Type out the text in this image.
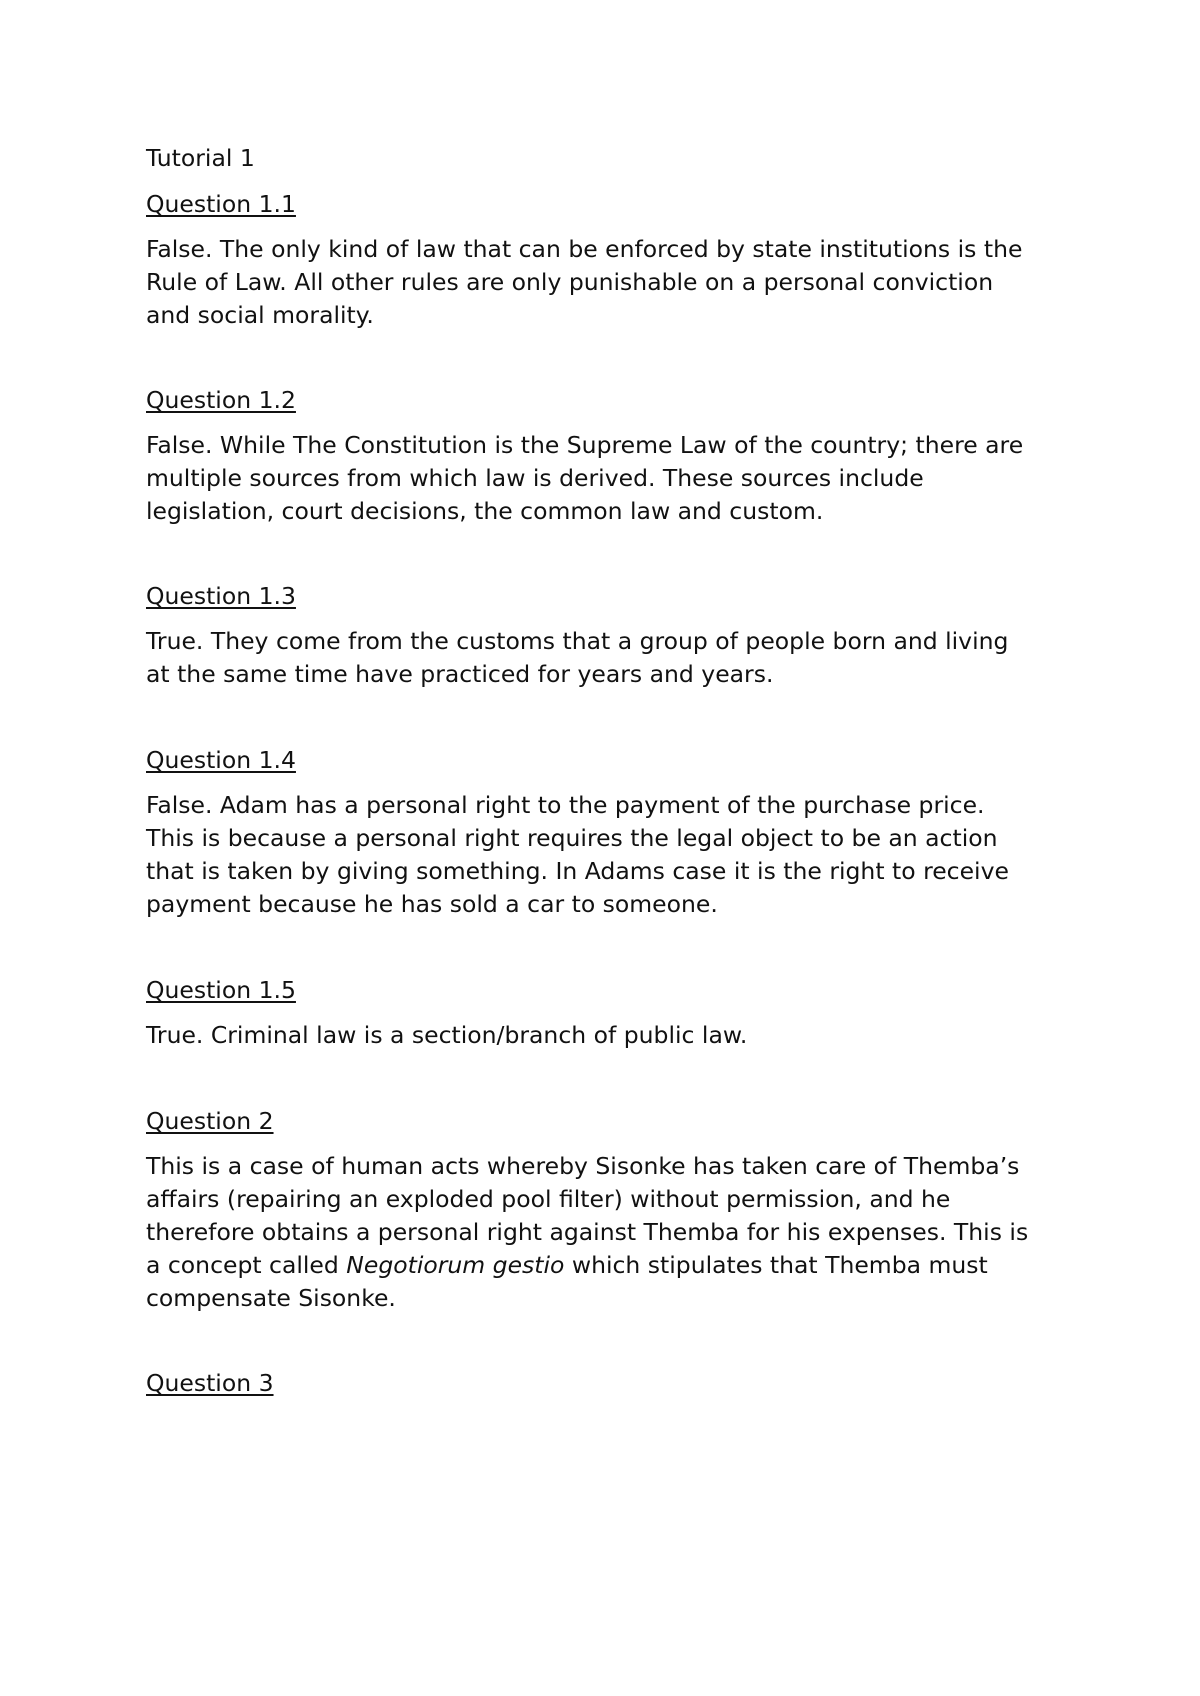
Tutorial 1

Question 1.1

False. The only kind of law that can be enforced by state institutions is the
Rule of Law. All other rules are only punishable on a personal conviction
and social morality.

Question 1.2

False. While The Constitution is the Supreme Law of the country; there are
multiple sources from which law is derived. These sources include
legislation, court decisions, the common law and custom.

Question 1.3

True. They come from the customs that a group of people born and living
at the same time have practiced for years and years.

Question 1.4

False. Adam has a personal right to the payment of the purchase price.
This is because a personal right requires the legal object to be an action
that is taken by giving something. In Adams case it is the right to receive
payment because he has sold a car to someone.

Question 1.5

True. Criminal law is a section/branch of public law.

Question 2

This is a case of human acts whereby Sisonke has taken care of Themba’s
affairs (repairing an exploded pool filter) without permission, and he
therefore obtains a personal right against Themba for his expenses. This is
a concept called Negotiorum gestio which stipulates that Themba must
compensate Sisonke.

Question 3
